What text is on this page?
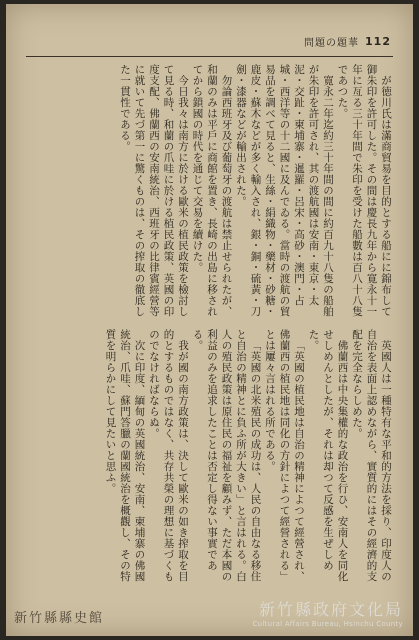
問題の題華 112

が徳川氏は滿商貿易を目的とする船にに錦布して御朱印を許可した。その間は慶長九年から寛永十一年に亙る三十年間で朱印を受けた船數は百八十八隻であつた。

寛永二年迄約三十年間の間に約百九十八隻の船舶が朱印を許可され、其の渡航國は安南・東京・太泥・交趾・柬埔寨・暹羅・呂宋・高砂・澳門・占城・西洋等の十二國に及んでゐる。當時の渡航の貿易品を調べて見ると、生絲・絹織物・藥材・砂糖・鹿皮・蘇木などが多く輸入され、銀・銅・硫黃・刀劍・漆器などが輸出された。

勿論西班牙及び葡萄牙の渡航は禁止せられたが、和蘭のみは平戶に商館を置き、長崎の出島に移されてから鎖國の時代を通じて交易を續けた。

今日我々は南方に於ける歐米の植民政策を檢討して見る時、和蘭の爪哇に於ける植民政策、英國の印度支配、佛蘭西の安南統治、西班牙の比律賓經營等に就いて先づ第一に驚くものは、その搾取の徹底した一貫性である。

英國人は一種特有な平和的方法を採り、印度人の自治を表面上認めながら、實質的にはその經濟的支配を完全ならしめた。

佛蘭西は中央集權的な政治を行ひ、安南人を同化せしめんとしたが、それは却つて反感を生ぜしめた。

「英國の植民地は自治の精神によつて經營され、佛蘭西の植民地は同化の方針によつて經營される」とは屢々言はれる所である。

「英國の北米殖民の成功は、人民の自由なる移住と自治の精神とに負ふ所が大きい」と言はれる。白人の殖民政策は原住民の福祉を顧みず、ただ本國の利益のみを追求したことは否定し得ない事實である。

我が國の南方政策は、決して歐米の如き搾取を目的とするものではなく、共存共榮の理想に基づくものでなければならぬ。

次に印度、緬甸の英國統治、安南、柬埔寨の佛國統治、爪哇、蘇門答臘の蘭國統治を概觀し、その特質を明らかにして見たいと思ふ。

新竹縣縣史館	新竹縣政府文化局
Cultural Affairs Bureau, Hsinchu County
